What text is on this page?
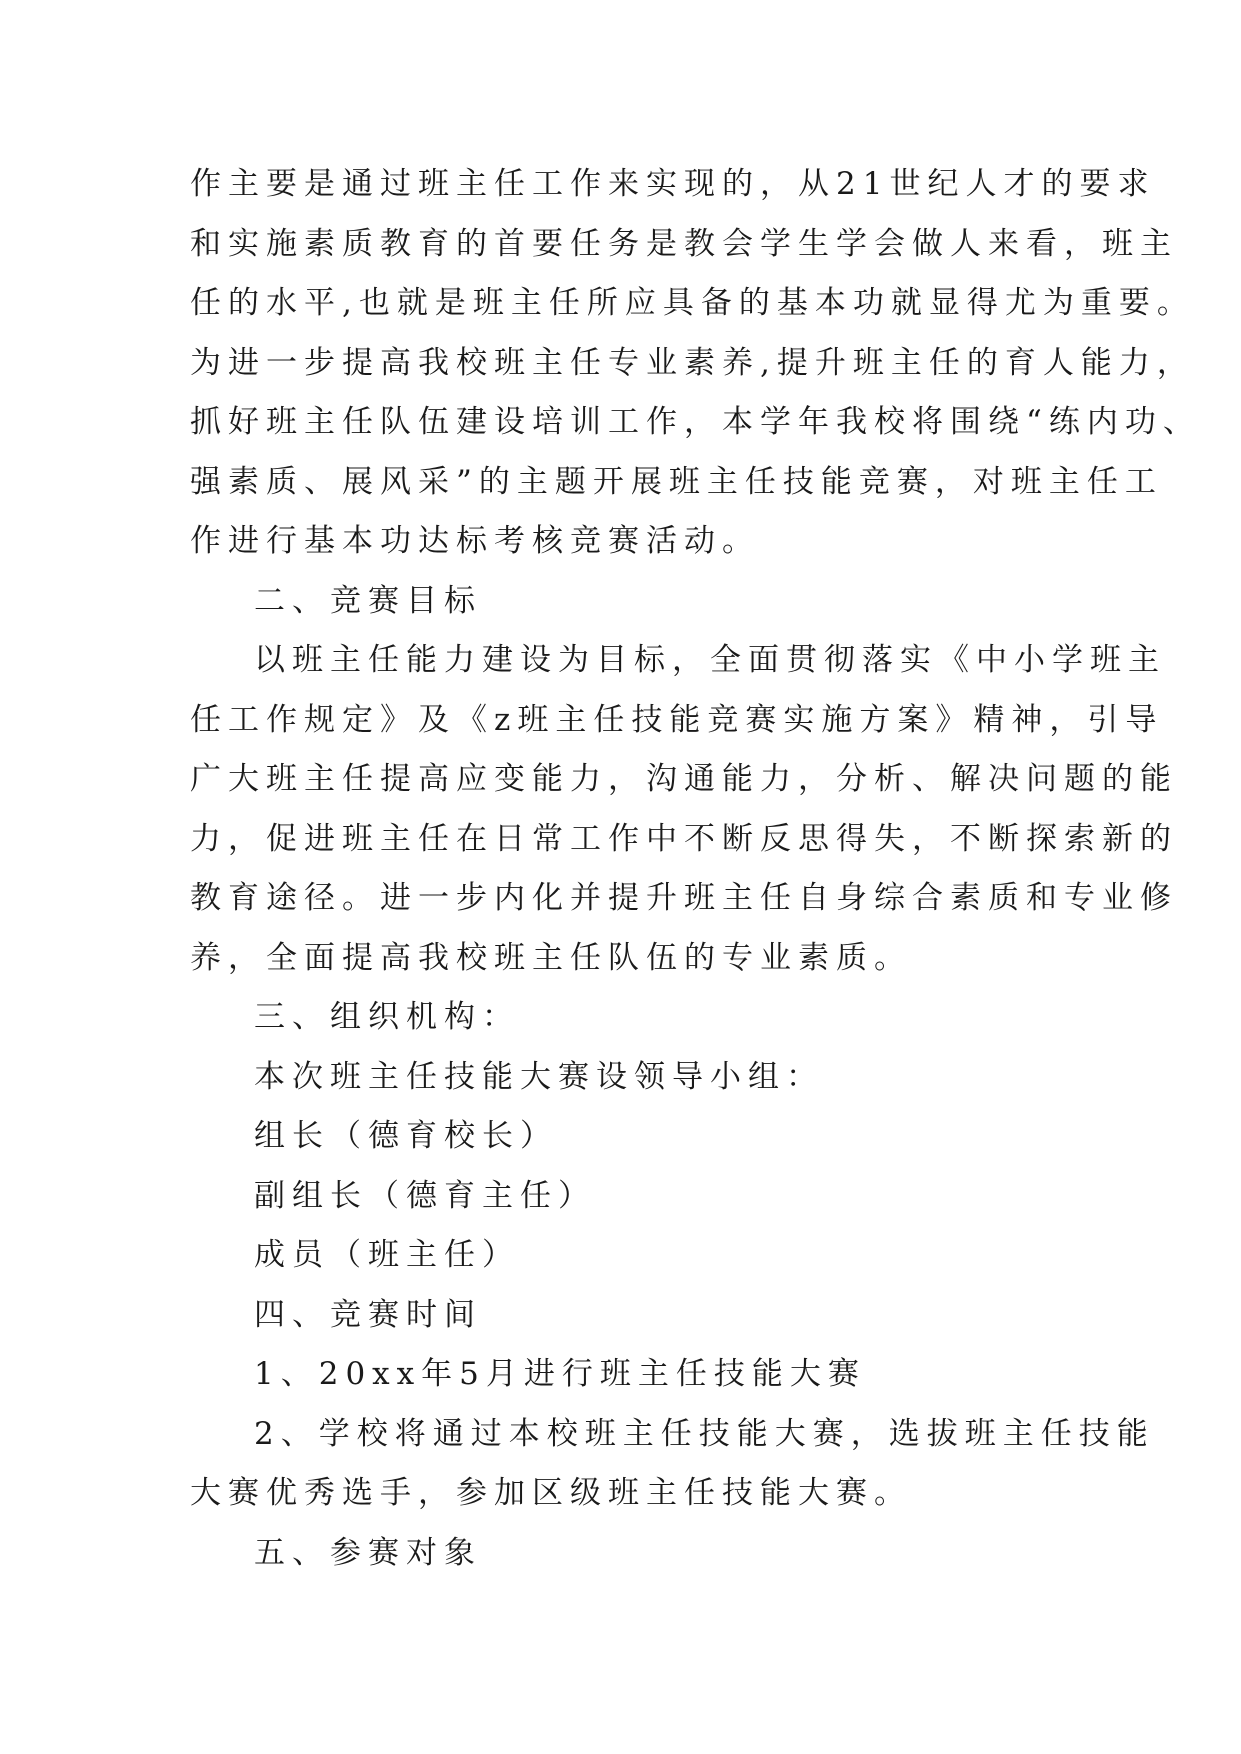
作主要是通过班主任工作来实现的，从21世纪人才的要求
和实施素质教育的首要任务是教会学生学会做人来看，班主
任的水平,也就是班主任所应具备的基本功就显得尤为重要。
为进一步提高我校班主任专业素养,提升班主任的育人能力，
抓好班主任队伍建设培训工作，本学年我校将围绕“练内功、
强素质、展风采”的主题开展班主任技能竞赛，对班主任工
作进行基本功达标考核竞赛活动。
二、竞赛目标
以班主任能力建设为目标，全面贯彻落实《中小学班主
任工作规定》及《z班主任技能竞赛实施方案》精神，引导
广大班主任提高应变能力，沟通能力，分析、解决问题的能
力，促进班主任在日常工作中不断反思得失，不断探索新的
教育途径。进一步内化并提升班主任自身综合素质和专业修
养，全面提高我校班主任队伍的专业素质。
三、组织机构：
本次班主任技能大赛设领导小组：
组长（德育校长）
副组长（德育主任）
成员（班主任）
四、竞赛时间
1、20xx年5月进行班主任技能大赛
2、学校将通过本校班主任技能大赛，选拔班主任技能
大赛优秀选手，参加区级班主任技能大赛。
五、参赛对象
